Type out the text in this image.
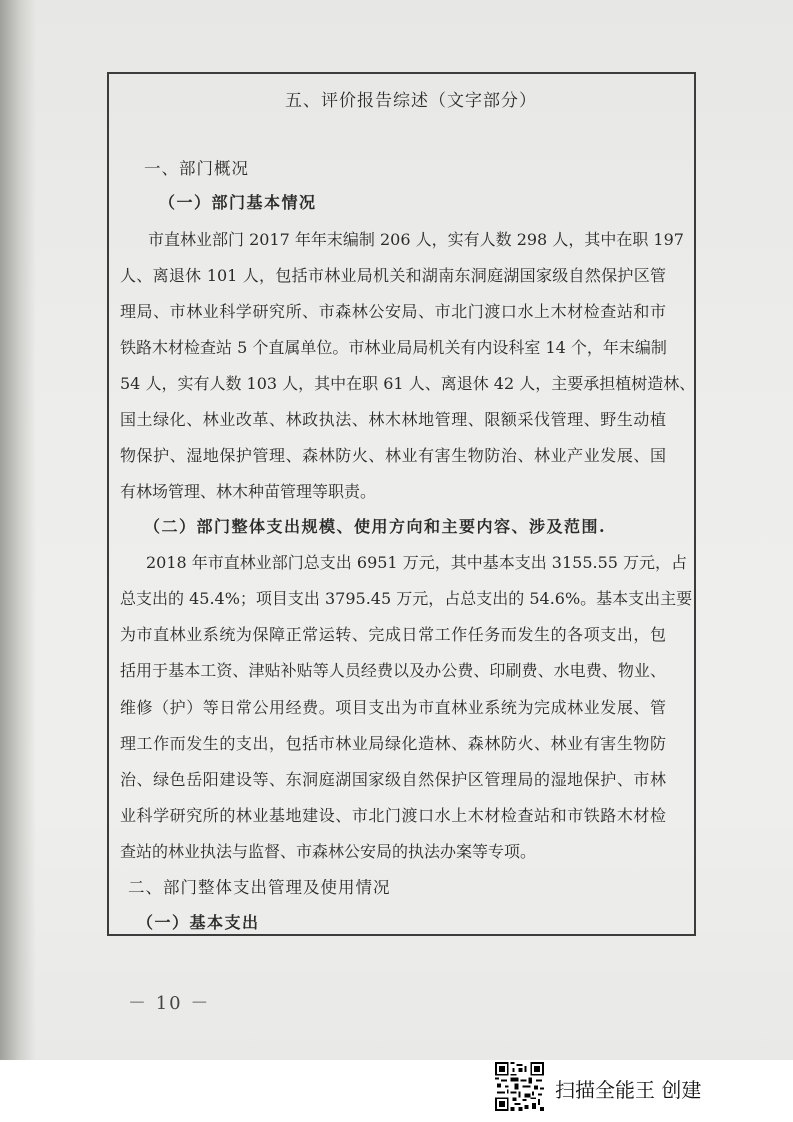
五、评价报告综述（文字部分）
一、部门概况
（一）部门基本情况
市直林业部门 2017 年年末编制 206 人，实有人数 298 人，其中在职 197
人、离退休 101 人，包括市林业局机关和湖南东洞庭湖国家级自然保护区管
理局、市林业科学研究所、市森林公安局、市北门渡口水上木材检查站和市
铁路木材检查站 5 个直属单位。市林业局局机关有内设科室 14 个，年末编制
54 人，实有人数 103 人，其中在职 61 人、离退休 42 人，主要承担植树造林、
国土绿化、林业改革、林政执法、林木林地管理、限额采伐管理、野生动植
物保护、湿地保护管理、森林防火、林业有害生物防治、林业产业发展、国
有林场管理、林木种苗管理等职责。
（二）部门整体支出规模、使用方向和主要内容、涉及范围.
2018 年市直林业部门总支出 6951 万元，其中基本支出 3155.55 万元，占
总支出的 45.4%；项目支出 3795.45 万元，占总支出的 54.6%。基本支出主要
为市直林业系统为保障正常运转、完成日常工作任务而发生的各项支出，包
括用于基本工资、津贴补贴等人员经费以及办公费、印刷费、水电费、物业、
维修（护）等日常公用经费。项目支出为市直林业系统为完成林业发展、管
理工作而发生的支出，包括市林业局绿化造林、森林防火、林业有害生物防
治、绿色岳阳建设等、东洞庭湖国家级自然保护区管理局的湿地保护、市林
业科学研究所的林业基地建设、市北门渡口水上木材检查站和市铁路木材检
查站的林业执法与监督、市森林公安局的执法办案等专项。
二、部门整体支出管理及使用情况
（一）基本支出
－ 10 －
扫描全能王 创建
